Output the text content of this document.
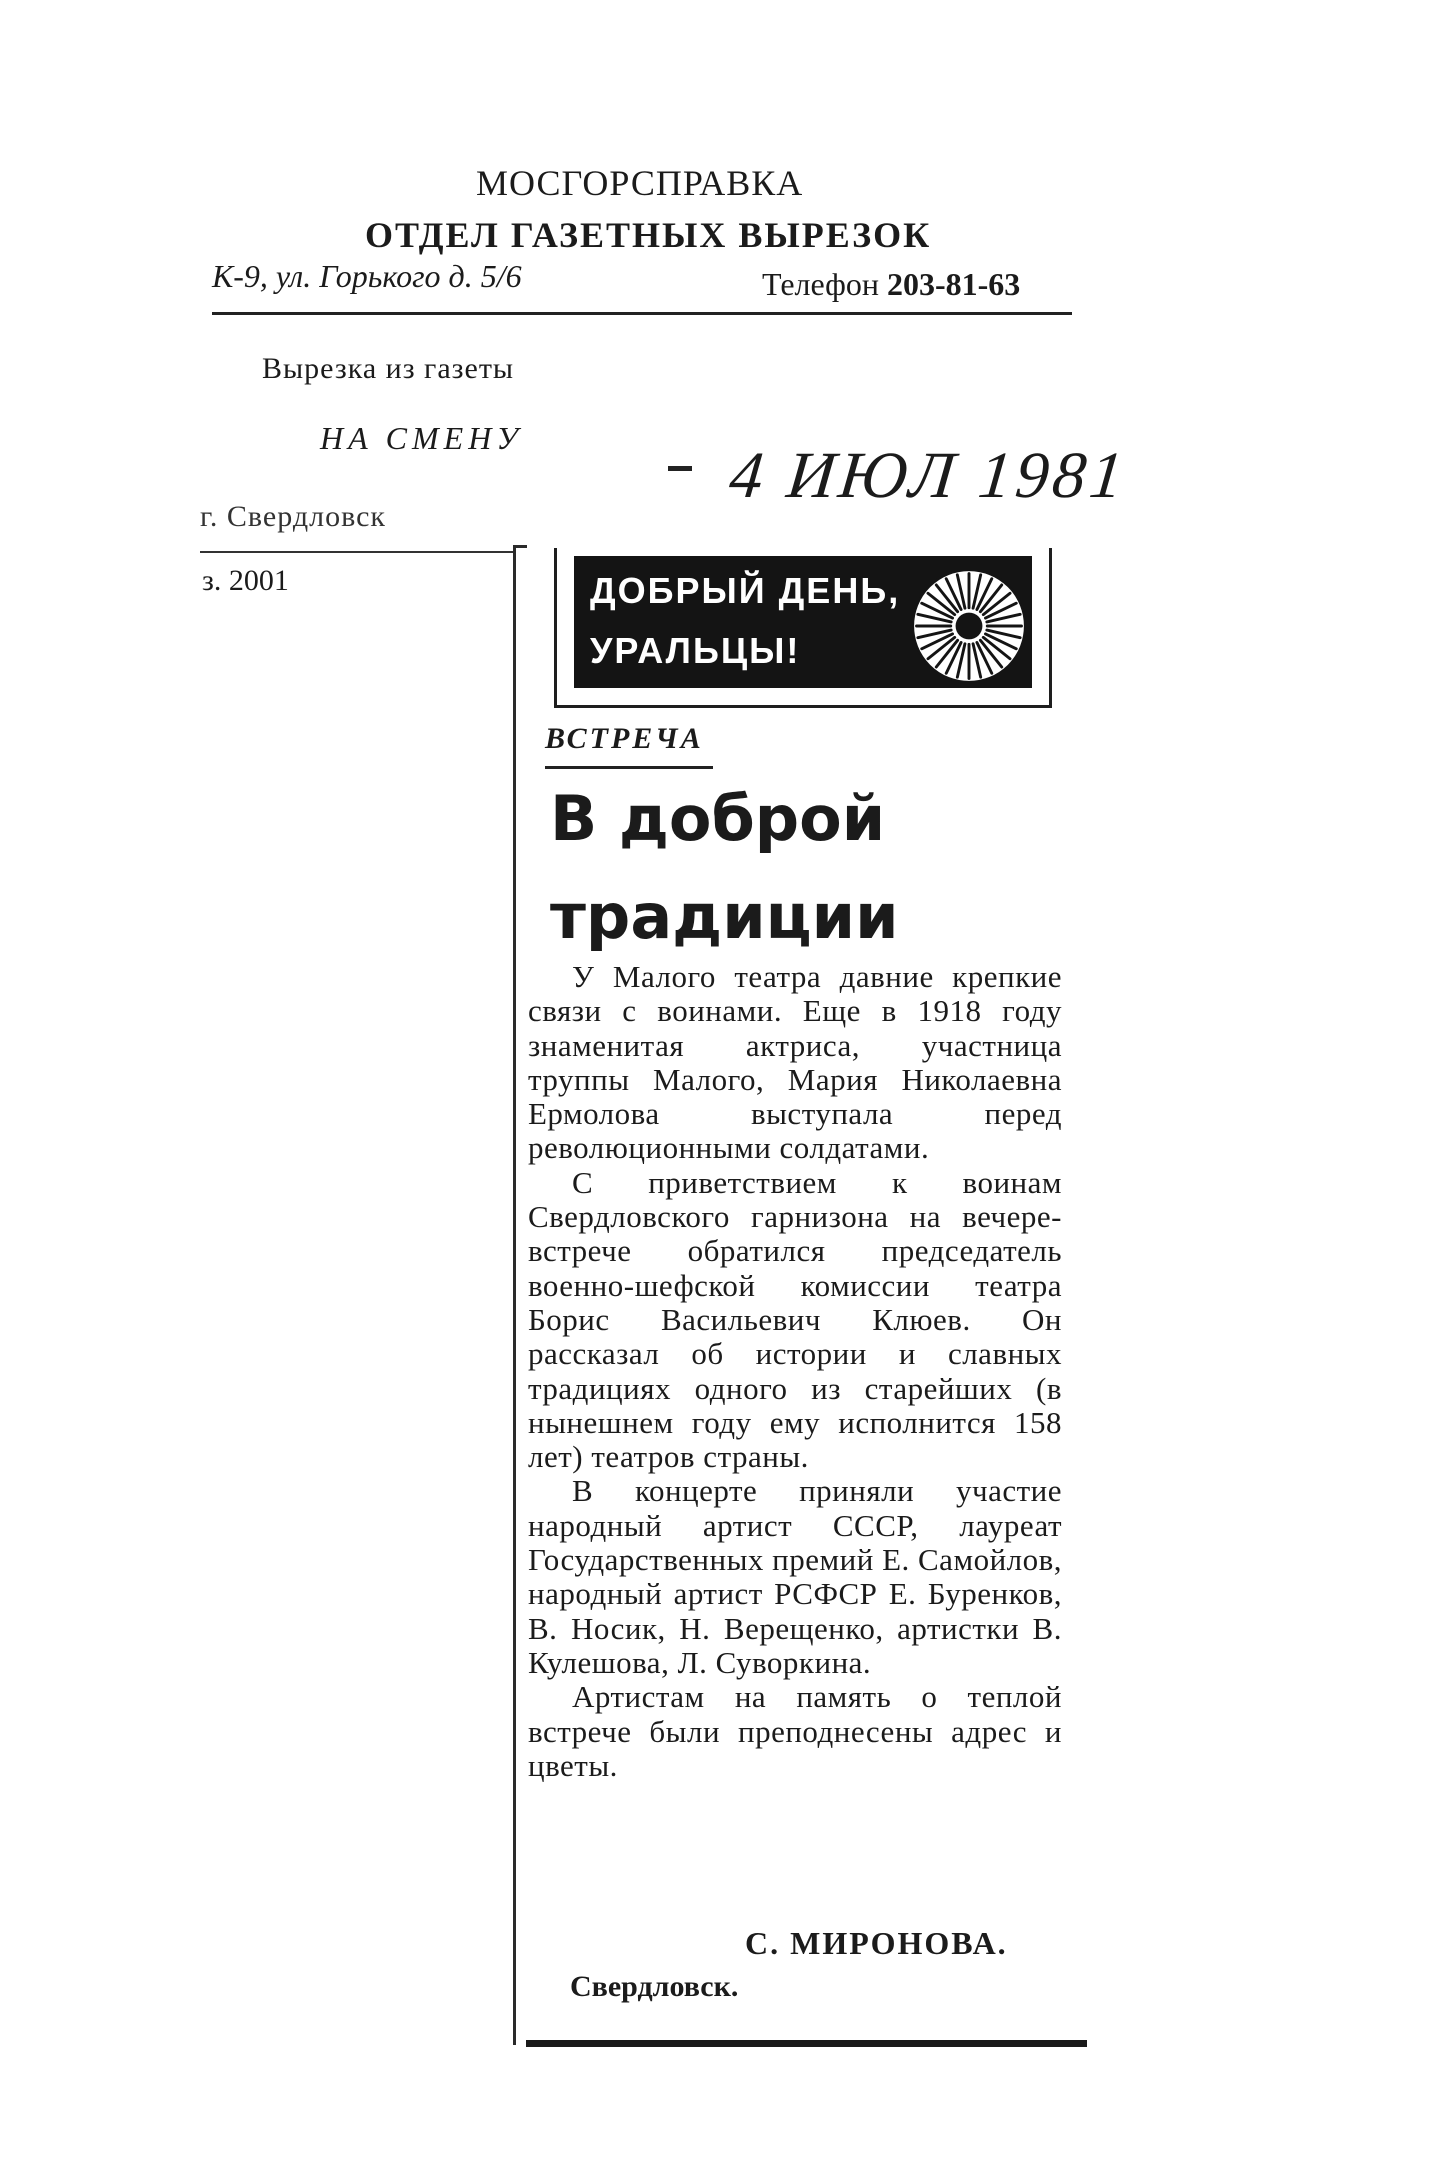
МОСГОРСПРАВКА
ОТДЕЛ ГАЗЕТНЫХ ВЫРЕЗОК
К-9, ул. Горького д. 5/6	Телефон 203-81-63
Вырезка из газеты
НА СМЕНУ
г. Свердловск
з. 2001
4 ИЮЛ 1981
ДОБРЫЙ ДЕНЬ,
УРАЛЬЦЫ!
ВСТРЕЧА
В доброй
традиции

У Малого театра давние крепкие связи с воинами. Еще в 1918 году знаменитая актриса, участница труппы Малого, Мария Николаевна Ермолова выступала перед революционными солдатами.

С приветствием к воинам Свердловского гарнизона на вечере-встрече обратился председатель военно-шефской комиссии театра Борис Васильевич Клюев. Он рассказал об истории и славных традициях одного из старейших (в нынешнем году ему исполнится 158 лет) театров страны.

В концерте приняли участие народный артист СССР, лауреат Государственных премий Е. Самойлов, народный артист РСФСР Е. Буренков, В. Носик, Н. Верещенко, артистки В. Кулешова, Л. Суворкина.

Артистам на память о теплой встрече были преподнесены адрес и цветы.

С. МИРОНОВА.
Свердловск.
